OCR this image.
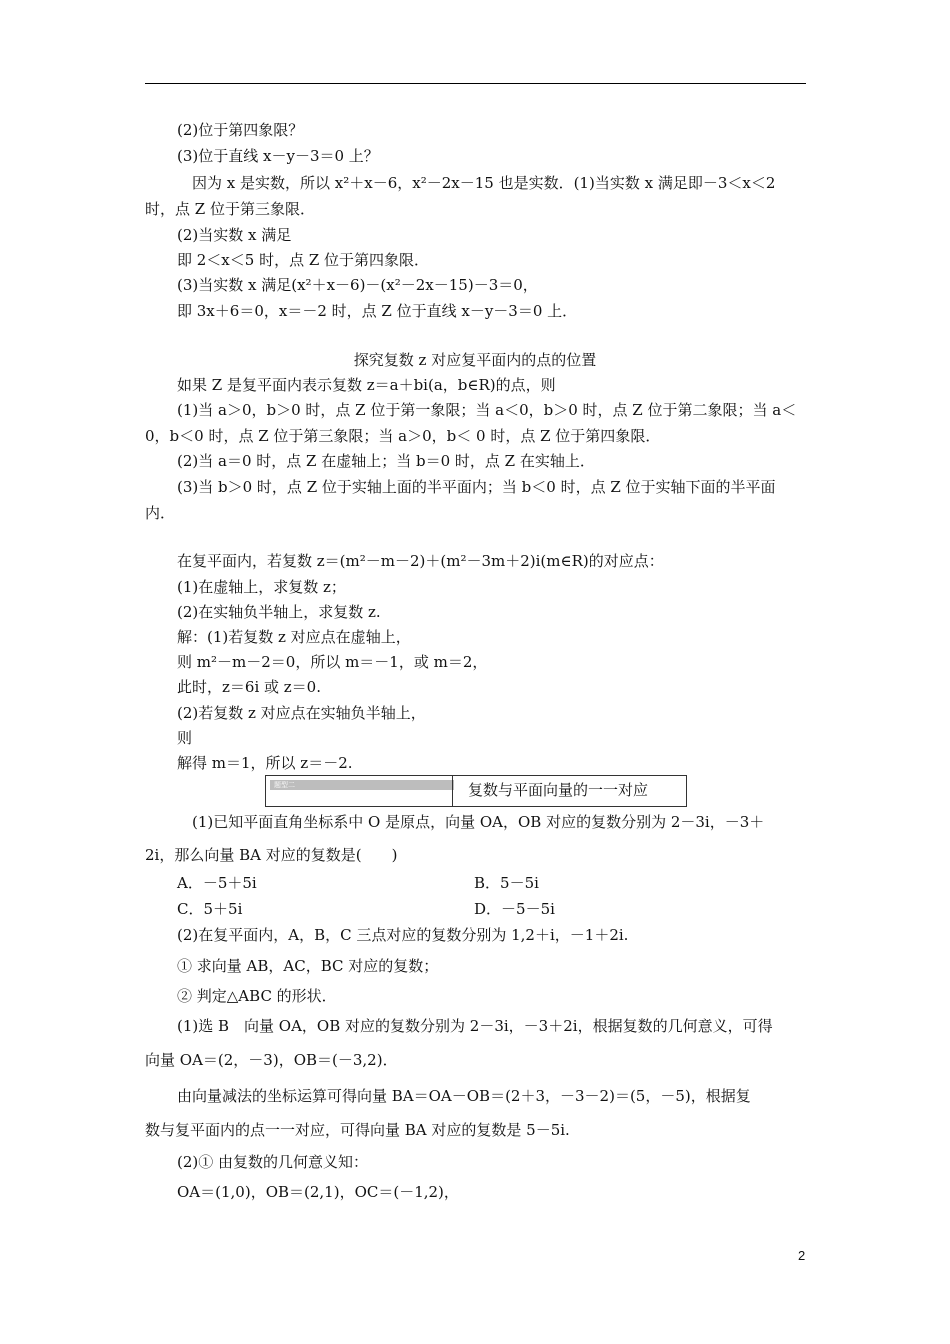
(2)位于第四象限？
(3)位于直线 x－y－3＝0 上？
因为 x 是实数，所以 x²＋x－6，x²－2x－15 也是实数．(1)当实数 x 满足即－3＜x＜2
时，点 Z 位于第三象限．
(2)当实数 x 满足
即 2＜x＜5 时，点 Z 位于第四象限．
(3)当实数 x 满足(x²＋x－6)－(x²－2x－15)－3＝0，
即 3x＋6＝0，x＝－2 时，点 Z 位于直线 x－y－3＝0 上．
探究复数 z 对应复平面内的点的位置
如果 Z 是复平面内表示复数 z＝a＋bi(a，b∈R)的点，则
(1)当 a＞0，b＞0 时，点 Z 位于第一象限；当 a＜0，b＞0 时，点 Z 位于第二象限；当 a＜
0，b＜0 时，点 Z 位于第三象限；当 a＞0，b＜ 0 时，点 Z 位于第四象限．
(2)当 a＝0 时，点 Z 在虚轴上；当 b＝0 时，点 Z 在实轴上．
(3)当 b＞0 时，点 Z 位于实轴上面的半平面内；当 b＜0 时，点 Z 位于实轴下面的半平面
内．
在复平面内，若复数 z＝(m²－m－2)＋(m²－3m＋2)i(m∈R)的对应点：
(1)在虚轴上，求复数 z；
(2)在实轴负半轴上，求复数 z.
解：(1)若复数 z 对应点在虚轴上，
则 m²－m－2＝0，所以 m＝－1，或 m＝2，
此时，z＝6i 或 z＝0.
(2)若复数 z 对应点在实轴负半轴上，
则
解得 m＝1，所以 z＝－2.
(1)已知平面直角坐标系中 O 是原点，向量 OA，OB 对应的复数分别为 2－3i，－3＋
2i，那么向量 BA 对应的复数是(　　)
A．－5＋5i	B．5－5i
C．5＋5i	D．－5－5i
(2)在复平面内，A，B，C 三点对应的复数分别为 1,2＋i，－1＋2i.
① 求向量 AB，AC，BC 对应的复数；
② 判定△ABC 的形状．
(1)选 B　向量 OA，OB 对应的复数分别为 2－3i，－3＋2i，根据复数的几何意义，可得
向量 OA＝(2，－3)，OB＝(－3,2)．
由向量减法的坐标运算可得向量 BA＝OA－OB＝(2＋3，－3－2)＝(5，－5)，根据复
数与复平面内的点一一对应，可得向量 BA 对应的复数是 5－5i.
(2)① 由复数的几何意义知：
OA＝(1,0)，OB＝(2,1)，OC＝(－1,2)，
题型二	复数与平面向量的一一对应
2
